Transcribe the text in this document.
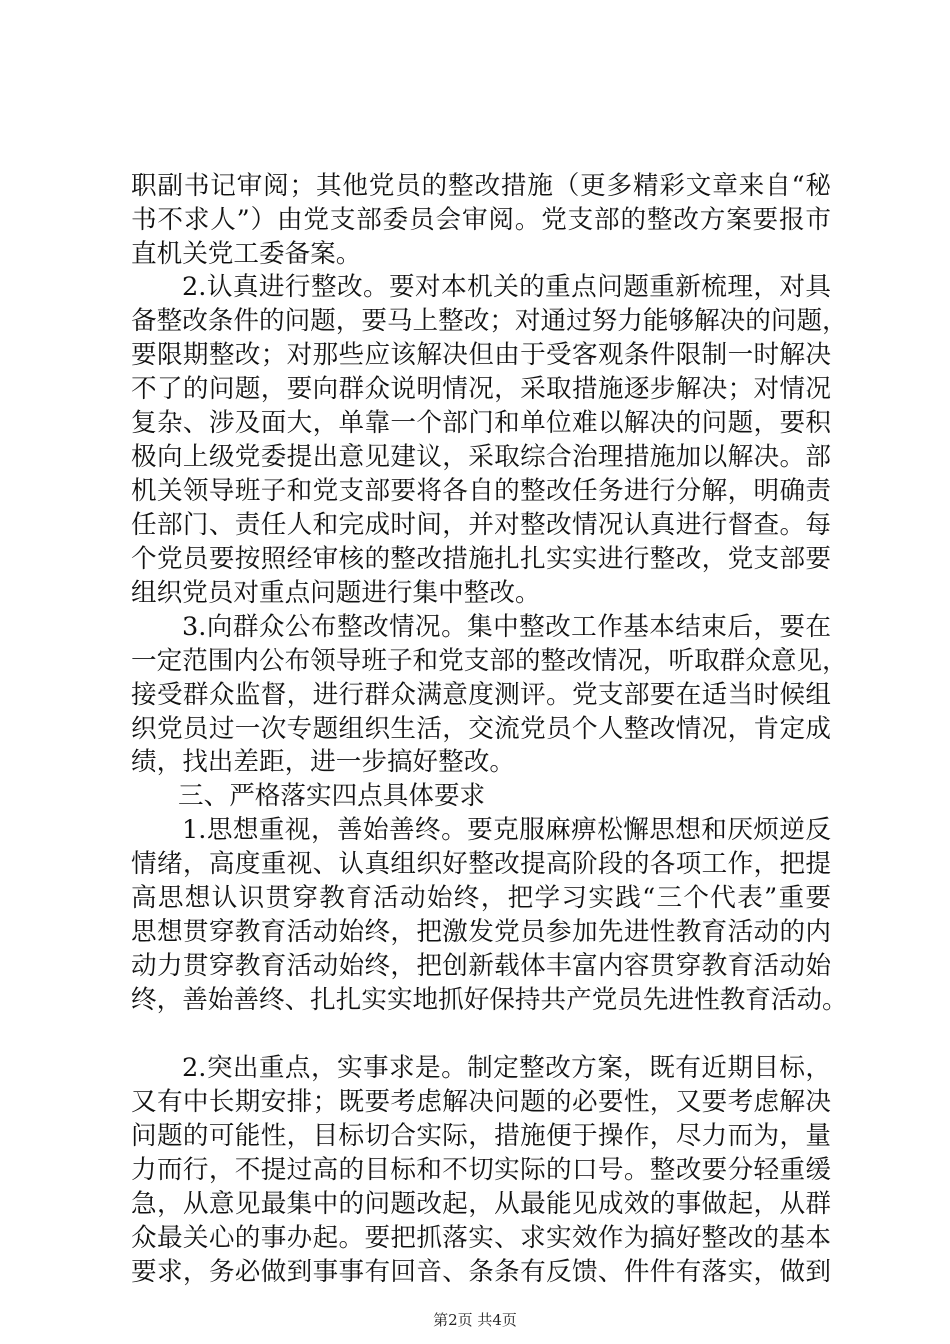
职副书记审阅；其他党员的整改措施（更多精彩文章来自“秘
书不求人”）由党支部委员会审阅。党支部的整改方案要报市
直机关党工委备案。
2.认真进行整改。要对本机关的重点问题重新梳理，对具
备整改条件的问题，要马上整改；对通过努力能够解决的问题，
要限期整改；对那些应该解决但由于受客观条件限制一时解决
不了的问题，要向群众说明情况，采取措施逐步解决；对情况
复杂、涉及面大，单靠一个部门和单位难以解决的问题，要积
极向上级党委提出意见建议，采取综合治理措施加以解决。部
机关领导班子和党支部要将各自的整改任务进行分解，明确责
任部门、责任人和完成时间，并对整改情况认真进行督查。每
个党员要按照经审核的整改措施扎扎实实进行整改，党支部要
组织党员对重点问题进行集中整改。
3.向群众公布整改情况。集中整改工作基本结束后，要在
一定范围内公布领导班子和党支部的整改情况，听取群众意见，
接受群众监督，进行群众满意度测评。党支部要在适当时候组
织党员过一次专题组织生活，交流党员个人整改情况，肯定成
绩，找出差距，进一步搞好整改。
三、严格落实四点具体要求
1.思想重视，善始善终。要克服麻痹松懈思想和厌烦逆反
情绪，高度重视、认真组织好整改提高阶段的各项工作，把提
高思想认识贯穿教育活动始终，把学习实践“三个代表”重要
思想贯穿教育活动始终，把激发党员参加先进性教育活动的内
动力贯穿教育活动始终，把创新载体丰富内容贯穿教育活动始
终，善始善终、扎扎实实地抓好保持共产党员先进性教育活动。
2.突出重点，实事求是。制定整改方案，既有近期目标，
又有中长期安排；既要考虑解决问题的必要性，又要考虑解决
问题的可能性，目标切合实际，措施便于操作，尽力而为，量
力而行，不提过高的目标和不切实际的口号。整改要分轻重缓
急，从意见最集中的问题改起，从最能见成效的事做起，从群
众最关心的事办起。要把抓落实、求实效作为搞好整改的基本
要求，务必做到事事有回音、条条有反馈、件件有落实，做到
第2页 共4页
